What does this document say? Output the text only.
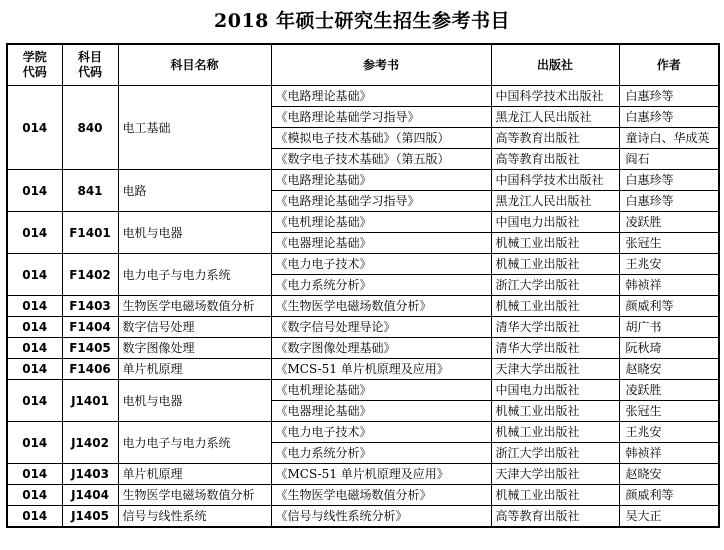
2018 年硕士研究生招生参考书目
学院代码	科目代码	科目名称	参考书	出版社	作者
014	840	电工基础	《电路理论基础》	中国科学技术出版社	白惠珍等
			《电路理论基础学习指导》	黑龙江人民出版社	白惠珍等
			《模拟电子技术基础》（第四版）	高等教育出版社	童诗白、华成英
			《数字电子技术基础》（第五版）	高等教育出版社	阎石
014	841	电路	《电路理论基础》	中国科学技术出版社	白惠珍等
			《电路理论基础学习指导》	黑龙江人民出版社	白惠珍等
014	F1401	电机与电器	《电机理论基础》	中国电力出版社	凌跃胜
			《电器理论基础》	机械工业出版社	张冠生
014	F1402	电力电子与电力系统	《电力电子技术》	机械工业出版社	王兆安
			《电力系统分析》	浙江大学出版社	韩祯祥
014	F1403	生物医学电磁场数值分析	《生物医学电磁场数值分析》	机械工业出版社	颜威利等
014	F1404	数字信号处理	《数字信号处理导论》	清华大学出版社	胡广书
014	F1405	数字图像处理	《数字图像处理基础》	清华大学出版社	阮秋琦
014	F1406	单片机原理	《MCS-51 单片机原理及应用》	天津大学出版社	赵晓安
014	J1401	电机与电器	《电机理论基础》	中国电力出版社	凌跃胜
			《电器理论基础》	机械工业出版社	张冠生
014	J1402	电力电子与电力系统	《电力电子技术》	机械工业出版社	王兆安
			《电力系统分析》	浙江大学出版社	韩祯祥
014	J1403	单片机原理	《MCS-51 单片机原理及应用》	天津大学出版社	赵晓安
014	J1404	生物医学电磁场数值分析	《生物医学电磁场数值分析》	机械工业出版社	颜威利等
014	J1405	信号与线性系统	《信号与线性系统分析》	高等教育出版社	吴大正
